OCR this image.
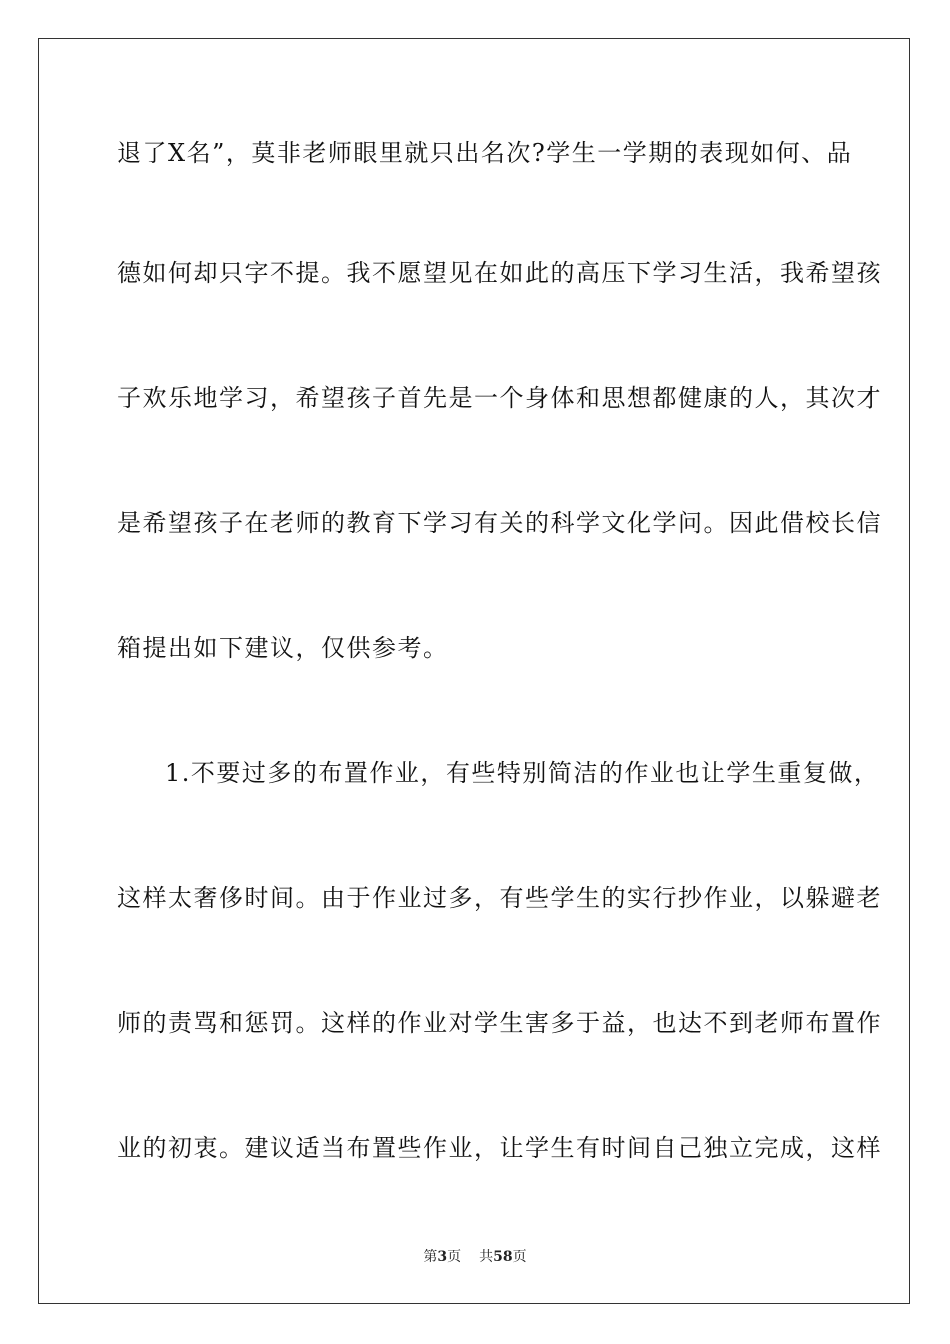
退了X名”，莫非老师眼里就只出名次?学生一学期的表现如何、品
德如何却只字不提。我不愿望见在如此的高压下学习生活，我希望孩
子欢乐地学习，希望孩子首先是一个身体和思想都健康的人，其次才
是希望孩子在老师的教育下学习有关的科学文化学问。因此借校长信
箱提出如下建议，仅供参考。
1.不要过多的布置作业，有些特别简洁的作业也让学生重复做，
这样太奢侈时间。由于作业过多，有些学生的实行抄作业，以躲避老
师的责骂和惩罚。这样的作业对学生害多于益，也达不到老师布置作
业的初衷。建议适当布置些作业，让学生有时间自己独立完成，这样
第3页 共58页
